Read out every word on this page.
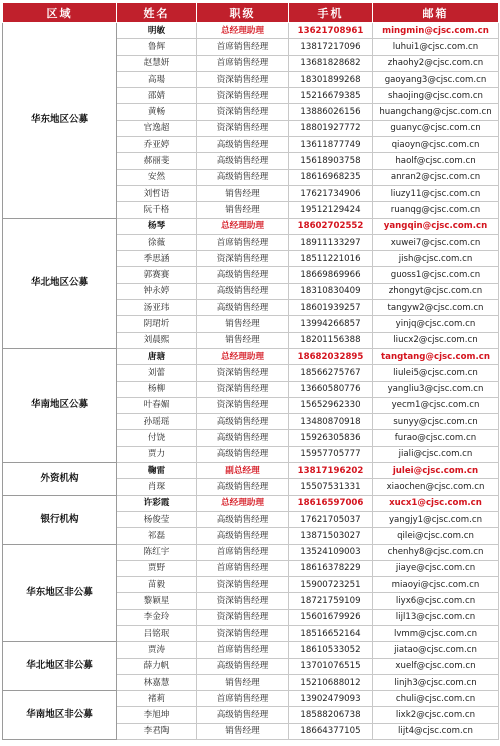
区域	姓名	职级	手机	邮箱
华东地区公募	明敏	总经理助理	13621708961	mingmin@cjsc.com.cn
	鲁辉	首席销售经理	13817217096	luhui1@cjsc.com.cn
	赵慧妍	首席销售经理	13681828682	zhaohy2@cjsc.com.cn
	高瑒	资深销售经理	18301899268	gaoyang3@cjsc.com.cn
	邵婧	资深销售经理	15216679385	shaojing@cjsc.com.cn
	黄畅	资深销售经理	13886026156	huangchang@cjsc.com.cn
	官逸超	资深销售经理	18801927772	guanyc@cjsc.com.cn
	乔亚婷	高级销售经理	13611877749	qiaoyn@cjsc.com.cn
	郝丽斐	高级销售经理	15618903758	haolf@cjsc.com.cn
	安然	高级销售经理	18616968235	anran2@cjsc.com.cn
	刘哲语	销售经理	17621734906	liuzy11@cjsc.com.cn
	阮千格	销售经理	19512129424	ruanqg@cjsc.com.cn
华北地区公募	杨琴	总经理助理	18602702552	yangqin@cjsc.com.cn
	徐薇	首席销售经理	18911133297	xuwei7@cjsc.com.cn
	季思涵	资深销售经理	18511221016	jish@cjsc.com.cn
	郭赛赛	高级销售经理	18669869966	guoss1@cjsc.com.cn
	钟永婷	高级销售经理	18310830409	zhongyt@cjsc.com.cn
	汤亚玮	高级销售经理	18601939257	tangyw2@cjsc.com.cn
	阴珺圻	销售经理	13994266857	yinjq@cjsc.com.cn
	刘晨熙	销售经理	18201156388	liucx2@cjsc.com.cn
华南地区公募	唐瑭	总经理助理	18682032895	tangtang@cjsc.com.cn
	刘蕾	资深销售经理	18566275767	liulei5@cjsc.com.cn
	杨柳	资深销售经理	13660580776	yangliu3@cjsc.com.cn
	叶春媚	资深销售经理	15652962330	yecm1@cjsc.com.cn
	孙瑶瑶	高级销售经理	13480870918	sunyy@cjsc.com.cn
	付饶	高级销售经理	15926305836	furao@cjsc.com.cn
	贾力	高级销售经理	15957705777	jiali@cjsc.com.cn
外资机构	鞠雷	副总经理	13817196202	julei@cjsc.com.cn
	肖琛	高级销售经理	15507531331	xiaochen@cjsc.com.cn
银行机构	许彩霞	总经理助理	18616597006	xucx1@cjsc.com.cn
	杨俊莹	高级销售经理	17621705037	yangjy1@cjsc.com.cn
	祁磊	高级销售经理	13871503027	qilei@cjsc.com.cn
华东地区非公募	陈红宇	首席销售经理	13524109003	chenhy8@cjsc.com.cn
	贾野	首席销售经理	18616378229	jiaye@cjsc.com.cn
	苗毅	资深销售经理	15900723251	miaoyi@cjsc.com.cn
	黎颖星	资深销售经理	18721759109	liyx6@cjsc.com.cn
	李金玲	资深销售经理	15601679926	lijl13@cjsc.com.cn
	吕铭珉	资深销售经理	18516652164	lvmm@cjsc.com.cn
华北地区非公募	贾涛	首席销售经理	18610533052	jiatao@cjsc.com.cn
	薛力帆	高级销售经理	13701076515	xuelf@cjsc.com.cn
	林嘉慧	销售经理	15210688012	linjh3@cjsc.com.cn
华南地区非公募	褚莉	首席销售经理	13902479093	chuli@cjsc.com.cn
	李旭坤	高级销售经理	18588206738	lixk2@cjsc.com.cn
	李君陶	销售经理	18664377105	lijt4@cjsc.com.cn
